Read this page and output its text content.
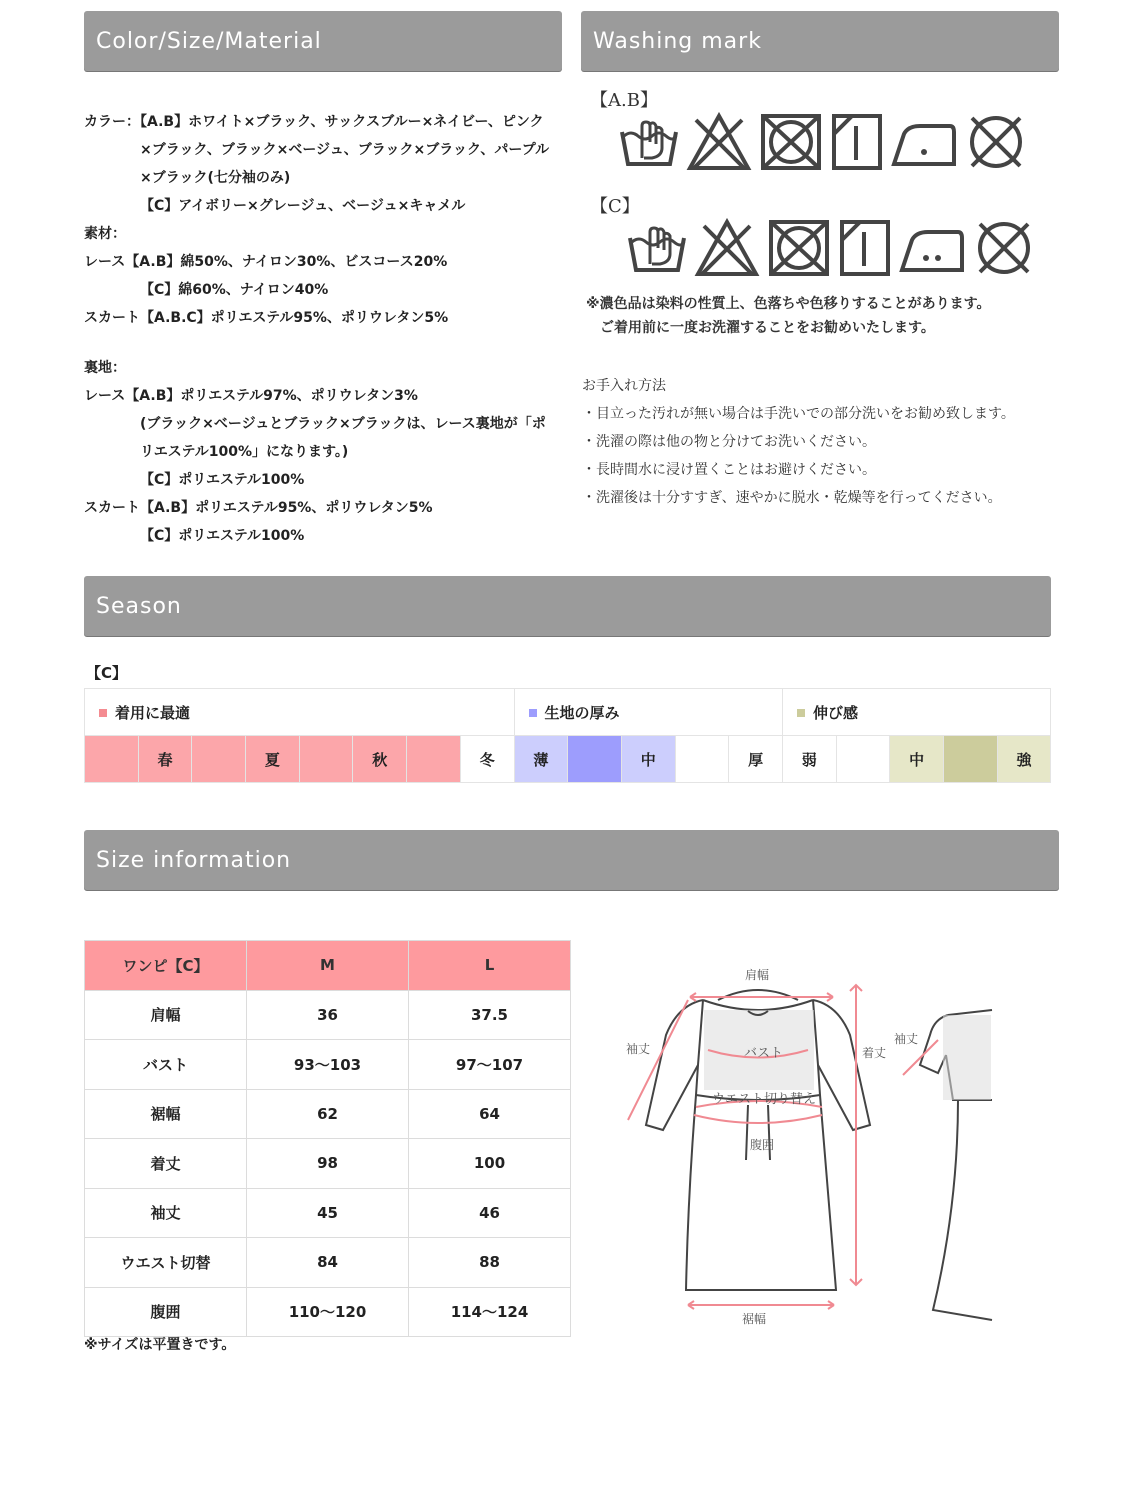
Color/Size/Material	Washing mark
Season
Size information
カラー：【A.B】ホワイト×ブラック、サックスブルー×ネイビー、ピンク
×ブラック、ブラック×ベージュ、ブラック×ブラック、パープル
×ブラック(七分袖のみ)
【C】アイボリー×グレージュ、ベージュ×キャメル
素材：
レース【A.B】綿50%、ナイロン30%、ビスコース20%
【C】綿60%、ナイロン40%
スカート【A.B.C】ポリエステル95%、ポリウレタン5%
裏地：
レース【A.B】ポリエステル97%、ポリウレタン3%
(ブラック×ベージュとブラック×ブラックは、レース裏地が「ポ
リエステル100%」になります。)
【C】ポリエステル100%
スカート【A.B】ポリエステル95%、ポリウレタン5%
【C】ポリエステル100%
【A.B】
【C】
※濃色品は染料の性質上、色落ちや色移りすることがあります。
ご着用前に一度お洗濯することをお勧めいたします。
お手入れ方法
・目立った汚れが無い場合は手洗いでの部分洗いをお勧め致します。
・洗濯の際は他の物と分けてお洗いください。
・長時間水に浸け置くことはお避けください。
・洗濯後は十分すすぎ、速やかに脱水・乾燥等を行ってください。
【C】
着用に最適								生地の厚み					伸び感				
	春		夏		秋		冬	薄		中		厚	弱		中		強
ワンピ【C】	M	L
肩幅	36	37.5
バスト	93～103	97～107
裾幅	62	64
着丈	98	100
袖丈	45	46
ウエスト切替	84	88
腹囲	110～120	114～124
※サイズは平置きです。
肩幅
袖丈	着丈
バスト
ウエスト切り替え
腹囲
裾幅
袖丈
